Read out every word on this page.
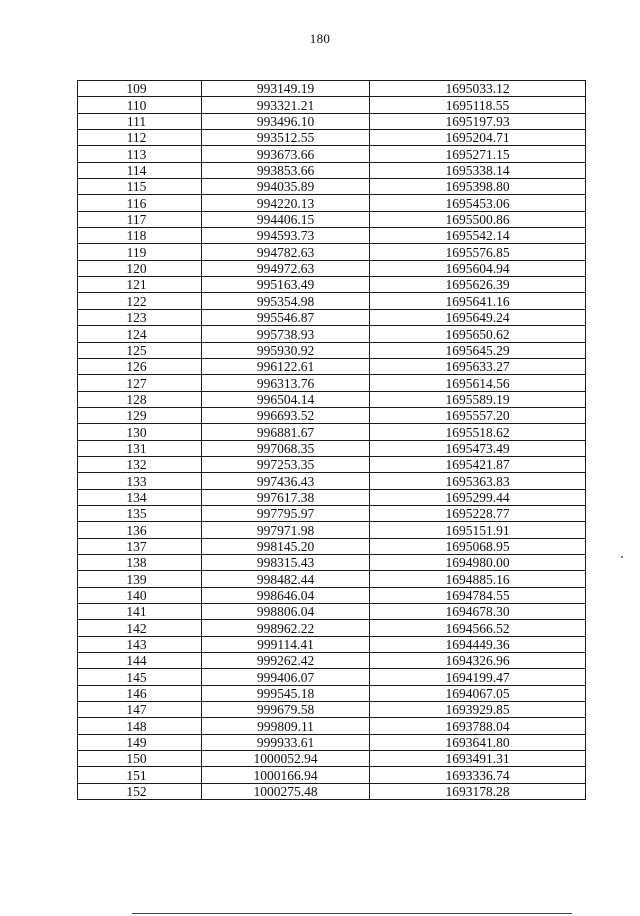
180
109	993149.19	1695033.12
110	993321.21	1695118.55
111	993496.10	1695197.93
112	993512.55	1695204.71
113	993673.66	1695271.15
114	993853.66	1695338.14
115	994035.89	1695398.80
116	994220.13	1695453.06
117	994406.15	1695500.86
118	994593.73	1695542.14
119	994782.63	1695576.85
120	994972.63	1695604.94
121	995163.49	1695626.39
122	995354.98	1695641.16
123	995546.87	1695649.24
124	995738.93	1695650.62
125	995930.92	1695645.29
126	996122.61	1695633.27
127	996313.76	1695614.56
128	996504.14	1695589.19
129	996693.52	1695557.20
130	996881.67	1695518.62
131	997068.35	1695473.49
132	997253.35	1695421.87
133	997436.43	1695363.83
134	997617.38	1695299.44
135	997795.97	1695228.77
136	997971.98	1695151.91
137	998145.20	1695068.95
138	998315.43	1694980.00
139	998482.44	1694885.16
140	998646.04	1694784.55
141	998806.04	1694678.30
142	998962.22	1694566.52
143	999114.41	1694449.36
144	999262.42	1694326.96
145	999406.07	1694199.47
146	999545.18	1694067.05
147	999679.58	1693929.85
148	999809.11	1693788.04
149	999933.61	1693641.80
150	1000052.94	1693491.31
151	1000166.94	1693336.74
152	1000275.48	1693178.28
